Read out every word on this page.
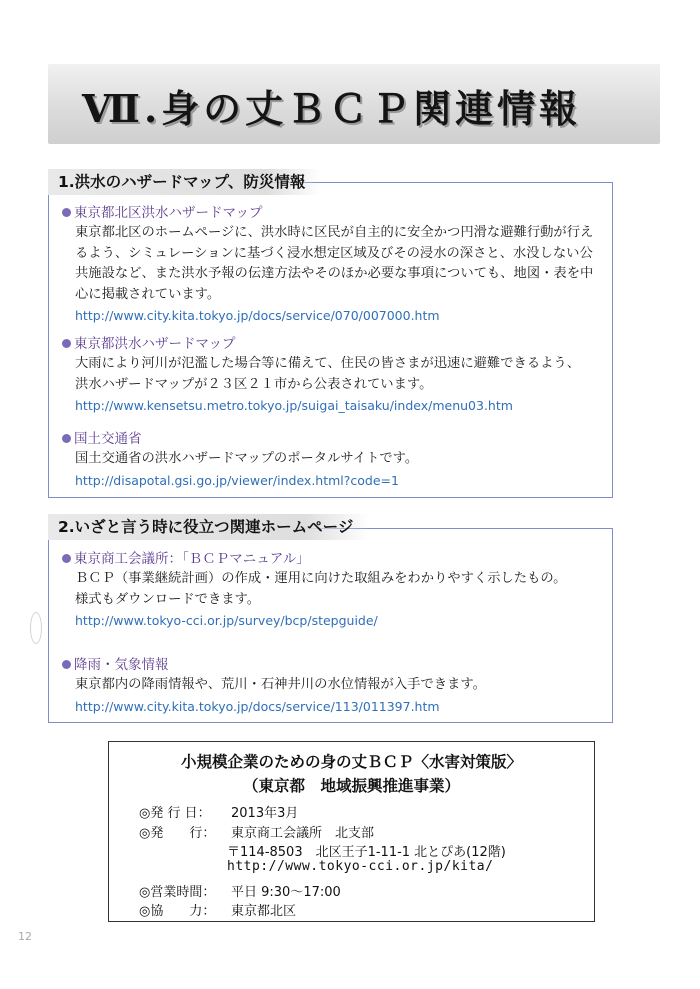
Ⅶ.身の丈ＢＣＰ関連情報
1.洪水のハザードマップ、防災情報
東京都北区洪水ハザードマップ
東京都北区のホームページに、洪水時に区民が自主的に安全かつ円滑な避難行動が行え
るよう、シミュレーションに基づく浸水想定区域及びその浸水の深さと、水没しない公
共施設など、また洪水予報の伝達方法やそのほか必要な事項についても、地図・表を中
心に掲載されています。
http://www.city.kita.tokyo.jp/docs/service/070/007000.htm
東京都洪水ハザードマップ
大雨により河川が氾濫した場合等に備えて、住民の皆さまが迅速に避難できるよう、
洪水ハザードマップが２３区２１市から公表されています。
http://www.kensetsu.metro.tokyo.jp/suigai_taisaku/index/menu03.htm
国土交通省
国土交通省の洪水ハザードマップのポータルサイトです。
http://disapotal.gsi.go.jp/viewer/index.html?code=1
2.いざと言う時に役立つ関連ホームページ
東京商工会議所：「ＢＣＰマニュアル」
ＢＣＰ（事業継続計画）の作成・運用に向けた取組みをわかりやすく示したもの。
様式もダウンロードできます。
http://www.tokyo-cci.or.jp/survey/bcp/stepguide/
降雨・気象情報
東京都内の降雨情報や、荒川・石神井川の水位情報が入手できます。
http://www.city.kita.tokyo.jp/docs/service/113/011397.htm
小規模企業のための身の丈ＢＣＰ〈水害対策版〉
（東京都　地域振興推進事業）
◎発 行 日： 2013年3月
◎発　　行： 東京商工会議所　北支部
〒114-8503　北区王子1-11-1 北とぴあ(12階)
http://www.tokyo-cci.or.jp/kita/
◎営業時間： 平日 9:30〜17:00
◎協　　力： 東京都北区
12
